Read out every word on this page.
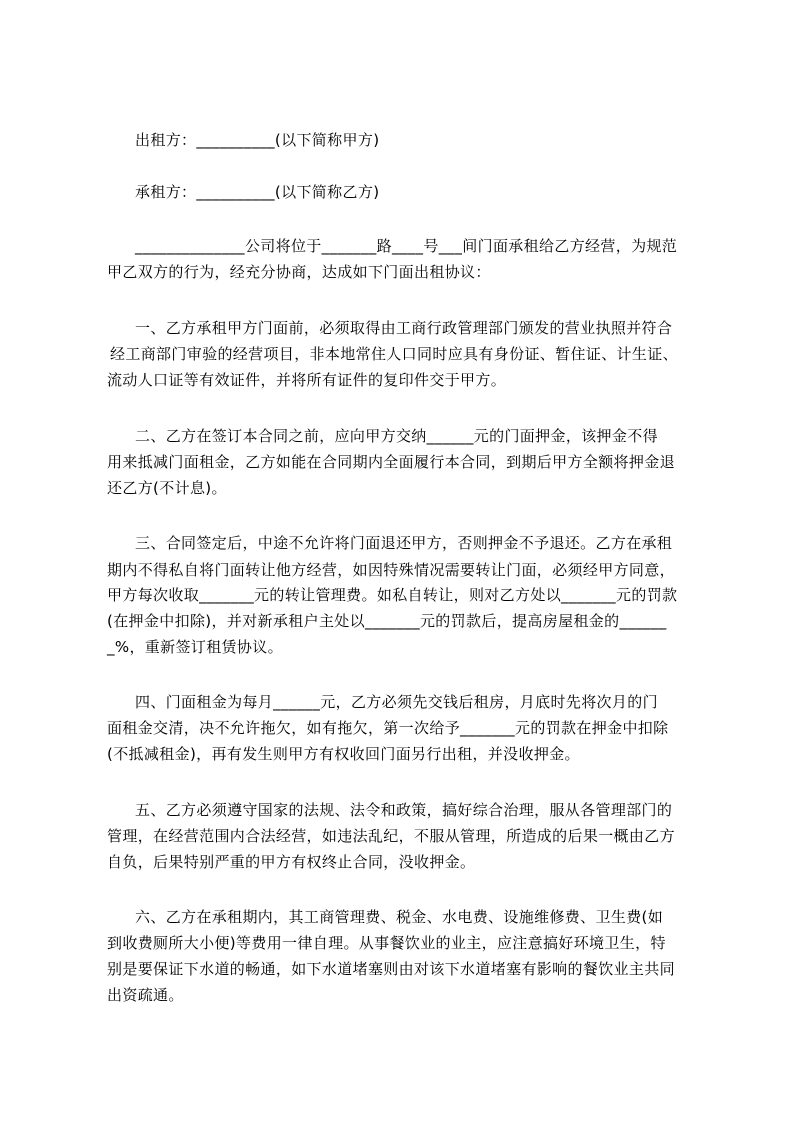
出租方：__________(以下简称甲方)
承租方：__________(以下简称乙方)
______________公司将位于_______路____号___间门面承租给乙方经营，为规范
甲乙双方的行为，经充分协商，达成如下门面出租协议：
一、乙方承租甲方门面前，必须取得由工商行政管理部门颁发的营业执照并符合
经工商部门审验的经营项目，非本地常住人口同时应具有身份证、暂住证、计生证、
流动人口证等有效证件，并将所有证件的复印件交于甲方。
二、乙方在签订本合同之前，应向甲方交纳______元的门面押金，该押金不得
用来抵减门面租金，乙方如能在合同期内全面履行本合同，到期后甲方全额将押金退
还乙方(不计息)。
三、合同签定后，中途不允许将门面退还甲方，否则押金不予退还。乙方在承租
期内不得私自将门面转让他方经营，如因特殊情况需要转让门面，必须经甲方同意，
甲方每次收取_______元的转让管理费。如私自转让，则对乙方处以_______元的罚款
(在押金中扣除)，并对新承租户主处以_______元的罚款后，提高房屋租金的______
_%，重新签订租赁协议。
四、门面租金为每月______元，乙方必须先交钱后租房，月底时先将次月的门
面租金交清，决不允许拖欠，如有拖欠，第一次给予_______元的罚款在押金中扣除
(不抵减租金)，再有发生则甲方有权收回门面另行出租，并没收押金。
五、乙方必须遵守国家的法规、法令和政策，搞好综合治理，服从各管理部门的
管理，在经营范围内合法经营，如违法乱纪，不服从管理，所造成的后果一概由乙方
自负，后果特别严重的甲方有权终止合同，没收押金。
六、乙方在承租期内，其工商管理费、税金、水电费、设施维修费、卫生费(如
到收费厕所大小便)等费用一律自理。从事餐饮业的业主，应注意搞好环境卫生，特
别是要保证下水道的畅通，如下水道堵塞则由对该下水道堵塞有影响的餐饮业主共同
出资疏通。
